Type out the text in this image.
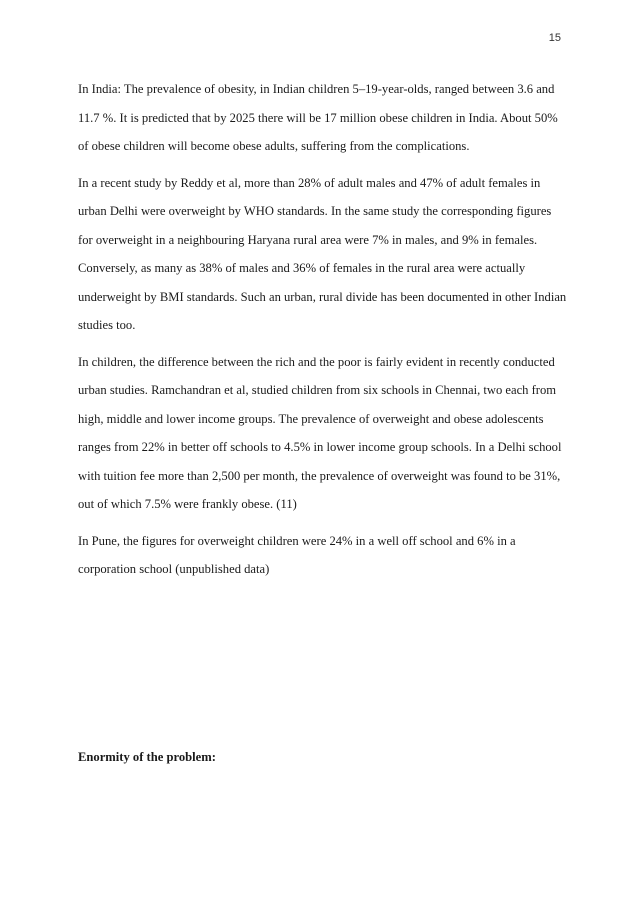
15

In India: The prevalence of obesity, in Indian children 5–19-year-olds, ranged between 3.6 and 11.7 %. It is predicted that by 2025 there will be 17 million obese children in India. About 50% of obese children will become obese adults, suffering from the complications.

In a recent study by Reddy et al, more than 28% of adult males and 47% of adult females in urban Delhi were overweight by WHO standards. In the same study the corresponding figures for overweight in a neighbouring Haryana rural area were 7% in males, and 9% in females. Conversely, as many as 38% of males and 36% of females in the rural area were actually underweight by BMI standards. Such an urban, rural divide has been documented in other Indian studies too.

In children, the difference between the rich and the poor is fairly evident in recently conducted urban studies. Ramchandran et al, studied children from six schools in Chennai, two each from high, middle and lower income groups. The prevalence of overweight and obese adolescents ranges from 22% in better off schools to 4.5% in lower income group schools. In a Delhi school with tuition fee more than 2,500 per month, the prevalence of overweight was found to be 31%, out of which 7.5% were frankly obese. (11)

In Pune, the figures for overweight children were 24% in a well off school and 6% in a corporation school (unpublished data)

Enormity of the problem:
